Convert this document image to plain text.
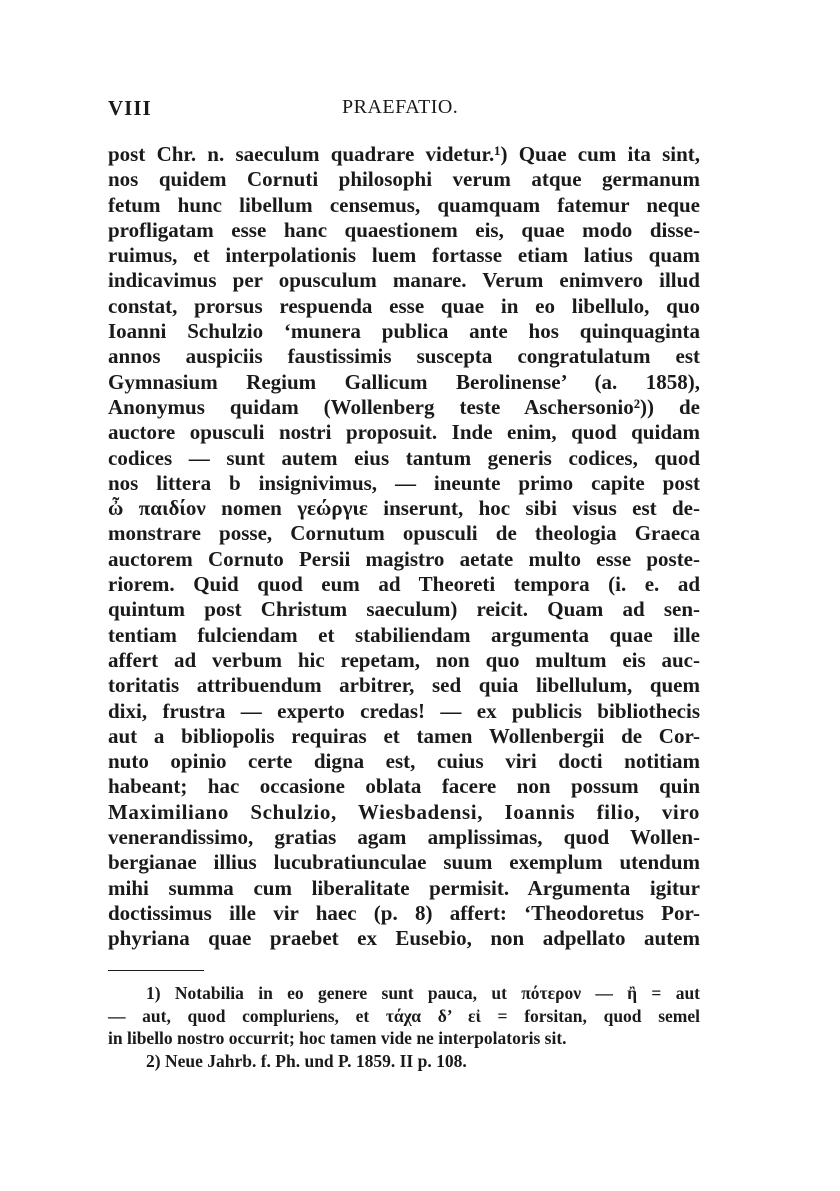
VIII	PRAEFATIO.
post Chr. n. saeculum quadrare videtur.¹) Quae cum ita sint,
nos quidem Cornuti philosophi verum atque germanum
fetum hunc libellum censemus, quamquam fatemur neque
profligatam esse hanc quaestionem eis, quae modo disse-
ruimus, et interpolationis luem fortasse etiam latius quam
indicavimus per opusculum manare. Verum enimvero illud
constat, prorsus respuenda esse quae in eo libellulo, quo
Ioanni Schulzio ‘munera publica ante hos quinquaginta
annos auspiciis faustissimis suscepta congratulatum est
Gymnasium Regium Gallicum Berolinense’ (a. 1858),
Anonymus quidam (Wollenberg teste Aschersonio²)) de
auctore opusculi nostri proposuit. Inde enim, quod quidam
codices — sunt autem eius tantum generis codices, quod
nos littera b insignivimus, — ineunte primo capite post
ὦ παιδίον nomen γεώργιε inserunt, hoc sibi visus est de-
monstrare posse, Cornutum opusculi de theologia Graeca
auctorem Cornuto Persii magistro aetate multo esse poste-
riorem. Quid quod eum ad Theoreti tempora (i. e. ad
quintum post Christum saeculum) reicit. Quam ad sen-
tentiam fulciendam et stabiliendam argumenta quae ille
affert ad verbum hic repetam, non quo multum eis auc-
toritatis attribuendum arbitrer, sed quia libellulum, quem
dixi, frustra — experto credas! — ex publicis bibliothecis
aut a bibliopolis requiras et tamen Wollenbergii de Cor-
nuto opinio certe digna est, cuius viri docti notitiam
habeant; hac occasione oblata facere non possum quin
Maximiliano Schulzio, Wiesbadensi, Ioannis filio, viro
venerandissimo, gratias agam amplissimas, quod Wollen-
bergianae illius lucubratiunculae suum exemplum utendum
mihi summa cum liberalitate permisit. Argumenta igitur
doctissimus ille vir haec (p. 8) affert: ‘Theodoretus Por-
phyriana quae praebet ex Eusebio, non adpellato autem
1) Notabilia in eo genere sunt pauca, ut πότερον — ἢ = aut
— aut, quod compluriens, et τάχα δ’ εἰ = forsitan, quod semel
in libello nostro occurrit; hoc tamen vide ne interpolatoris sit.
2) Neue Jahrb. f. Ph. und P. 1859. II p. 108.
